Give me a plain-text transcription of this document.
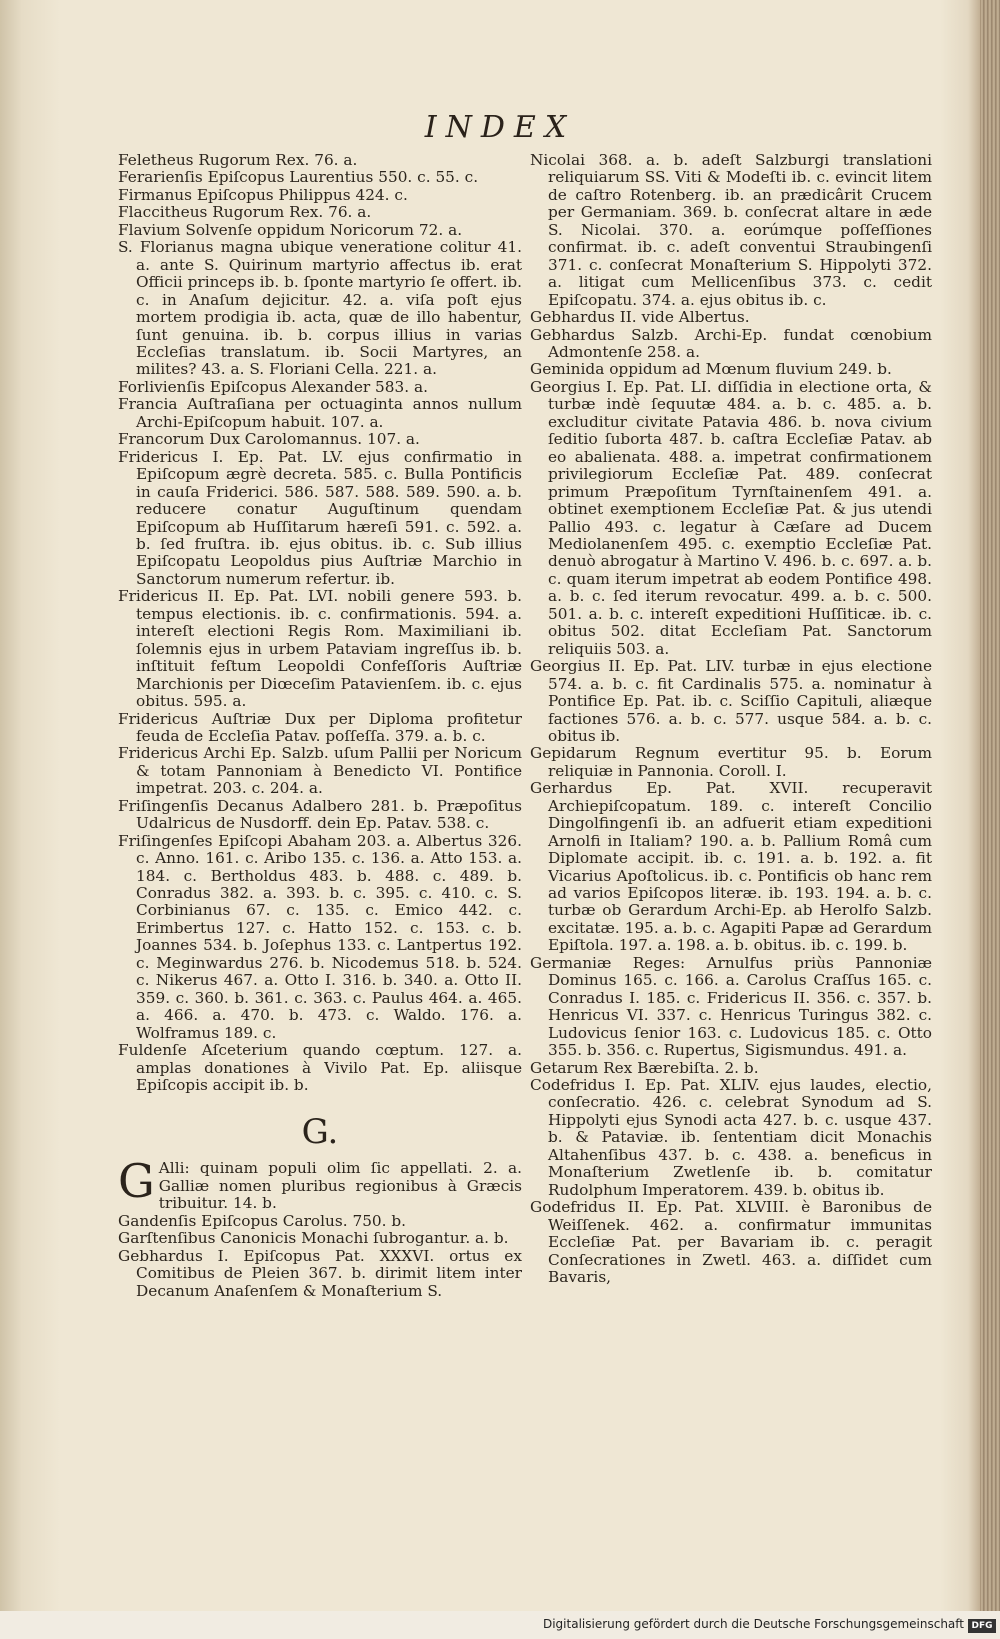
INDEX

Feletheus Rugorum Rex. 76. a.

Ferarienſis Epiſcopus Laurentius 550. c. 55. c.

Firmanus Epiſcopus Philippus 424. c.

Flaccitheus Rugorum Rex. 76. a.

Flavium Solvenſe oppidum Noricorum 72. a.

S. Florianus magna ubique veneratione colitur 41. a. ante S. Quirinum martyrio affectus ib. erat Officii princeps ib. b. ſponte martyrio ſe offert. ib. c. in Anaſum dejicitur. 42. a. viſa poſt ejus mortem prodigia ib. acta, quæ de illo habentur, ſunt genuina. ib. b. corpus illius in varias Eccleſias translatum. ib. Socii Martyres, an milites? 43. a. S. Floriani Cella. 221. a.

Forlivienſis Epiſcopus Alexander 583. a.

Francia Auſtraſiana per octuaginta annos nullum Archi-Epiſcopum habuit. 107. a.

Francorum Dux Carolomannus. 107. a.

Fridericus I. Ep. Pat. LV. ejus confirmatio in Epiſcopum ægrè decreta. 585. c. Bulla Pontificis in cauſa Friderici. 586. 587. 588. 589. 590. a. b. reducere conatur Auguſtinum quendam Epiſcopum ab Huſſitarum hæreſi 591. c. 592. a. b. ſed fruſtra. ib. ejus obitus. ib. c. Sub illius Epiſcopatu Leopoldus pius Auſtriæ Marchio in Sanctorum numerum refertur. ib.

Fridericus II. Ep. Pat. LVI. nobili genere 593. b. tempus electionis. ib. c. confirmationis. 594. a. intereſt electioni Regis Rom. Maximiliani ib. ſolemnis ejus in urbem Pataviam ingreſſus ib. b. inſtituit feſtum Leopoldi Confeſſoris Auſtriæ Marchionis per Diœceſim Patavienſem. ib. c. ejus obitus. 595. a.

Fridericus Auſtriæ Dux per Diploma profitetur feuda de Eccleſia Patav. poſſeſſa. 379. a. b. c.

Fridericus Archi Ep. Salzb. uſum Pallii per Noricum & totam Pannoniam à Benedicto VI. Pontifice impetrat. 203. c. 204. a.

Friſingenſis Decanus Adalbero 281. b. Præpoſitus Udalricus de Nusdorff. dein Ep. Patav. 538. c.

Friſingenſes Epiſcopi Abaham 203. a. Albertus 326. c. Anno. 161. c. Aribo 135. c. 136. a. Atto 153. a. 184. c. Bertholdus 483. b. 488. c. 489. b. Conradus 382. a. 393. b. c. 395. c. 410. c. S. Corbinianus 67. c. 135. c. Emico 442. c. Erimbertus 127. c. Hatto 152. c. 153. c. b. Joannes 534. b. Joſephus 133. c. Lantpertus 192. c. Meginwardus 276. b. Nicodemus 518. b. 524. c. Nikerus 467. a. Otto I. 316. b. 340. a. Otto II. 359. c. 360. b. 361. c. 363. c. Paulus 464. a. 465. a. 466. a. 470. b. 473. c. Waldo. 176. a. Wolframus 189. c.

Fuldenſe Aſceterium quando cœptum. 127. a. amplas donationes à Vivilo Pat. Ep. aliisque Epiſcopis accipit ib. b.

G.

G Alli: quinam populi olim ſic appellati. 2. a. Galliæ nomen pluribus regionibus à Græcis tribuitur. 14. b.

Gandenſis Epiſcopus Carolus. 750. b.

Garſtenſibus Canonicis Monachi ſubrogantur. a. b.

Gebhardus I. Epiſcopus Pat. XXXVI. ortus ex Comitibus de Pleien 367. b. dirimit litem inter Decanum Anaſenſem & Monaſterium S.

Nicolai 368. a. b. adeſt Salzburgi translationi reliquiarum SS. Viti & Modeſti ib. c. evincit litem de caſtro Rotenberg. ib. an prædicârit Crucem per Germaniam. 369. b. conſecrat altare in æde S. Nicolai. 370. a. eorúmque poſſeſſiones confirmat. ib. c. adeſt conventui Straubingenſi 371. c. conſecrat Monaſterium S. Hippolyti 372. a. litigat cum Mellicenſibus 373. c. cedit Epiſcopatu. 374. a. ejus obitus ib. c.

Gebhardus II. vide Albertus.

Gebhardus Salzb. Archi-Ep. fundat cœnobium Admontenſe 258. a.

Geminida oppidum ad Mœnum fluvium 249. b.

Georgius I. Ep. Pat. LI. diſſidia in electione orta, & turbæ indè ſequutæ 484. a. b. c. 485. a. b. excluditur civitate Patavia 486. b. nova civium ſeditio ſuborta 487. b. caſtra Eccleſiæ Patav. ab eo abalienata. 488. a. impetrat confirmationem privilegiorum Eccleſiæ Pat. 489. conſecrat primum Præpoſitum Tyrnſtainenſem 491. a. obtinet exemptionem Eccleſiæ Pat. & jus utendi Pallio 493. c. legatur à Cæſare ad Ducem Mediolanenſem 495. c. exemptio Eccleſiæ Pat. denuò abrogatur à Martino V. 496. b. c. 697. a. b. c. quam iterum impetrat ab eodem Pontifice 498. a. b. c. ſed iterum revocatur. 499. a. b. c. 500. 501. a. b. c. intereſt expeditioni Huſſiticæ. ib. c. obitus 502. ditat Eccleſiam Pat. Sanctorum reliquiis 503. a.

Georgius II. Ep. Pat. LIV. turbæ in ejus electione 574. a. b. c. fit Cardinalis 575. a. nominatur à Pontifice Ep. Pat. ib. c. Sciſſio Capituli, aliæque factiones 576. a. b. c. 577. usque 584. a. b. c. obitus ib.

Gepidarum Regnum evertitur 95. b. Eorum reliquiæ in Pannonia. Coroll. I.

Gerhardus Ep. Pat. XVII. recuperavit Archiepiſcopatum. 189. c. intereſt Concilio Dingolfingenſi ib. an adfuerit etiam expeditioni Arnolfi in Italiam? 190. a. b. Pallium Româ cum Diplomate accipit. ib. c. 191. a. b. 192. a. fit Vicarius Apoſtolicus. ib. c. Pontificis ob hanc rem ad varios Epiſcopos literæ. ib. 193. 194. a. b. c. turbæ ob Gerardum Archi-Ep. ab Herolfo Salzb. excitatæ. 195. a. b. c. Agapiti Papæ ad Gerardum Epiſtola. 197. a. 198. a. b. obitus. ib. c. 199. b.

Germaniæ Reges: Arnulfus priùs Pannoniæ Dominus 165. c. 166. a. Carolus Craſſus 165. c. Conradus I. 185. c. Fridericus II. 356. c. 357. b. Henricus VI. 337. c. Henricus Turingus 382. c. Ludovicus ſenior 163. c. Ludovicus 185. c. Otto 355. b. 356. c. Rupertus, Sigismundus. 491. a.

Getarum Rex Bærebiſta. 2. b.

Codefridus I. Ep. Pat. XLIV. ejus laudes, electio, conſecratio. 426. c. celebrat Synodum ad S. Hippolyti ejus Synodi acta 427. b. c. usque 437. b. & Pataviæ. ib. ſententiam dicit Monachis Altahenſibus 437. b. c. 438. a. beneficus in Monaſterium Zwetlenſe ib. b. comitatur Rudolphum Imperatorem. 439. b. obitus ib.

Godefridus II. Ep. Pat. XLVIII. è Baronibus de Weiſſenek. 462. a. confirmatur immunitas Eccleſiæ Pat. per Bavariam ib. c. peragit Conſecrationes in Zwetl. 463. a. diſſidet cum Bavaris,

Digitalisierung gefördert durch die Deutsche Forschungsgemeinschaft DFG
